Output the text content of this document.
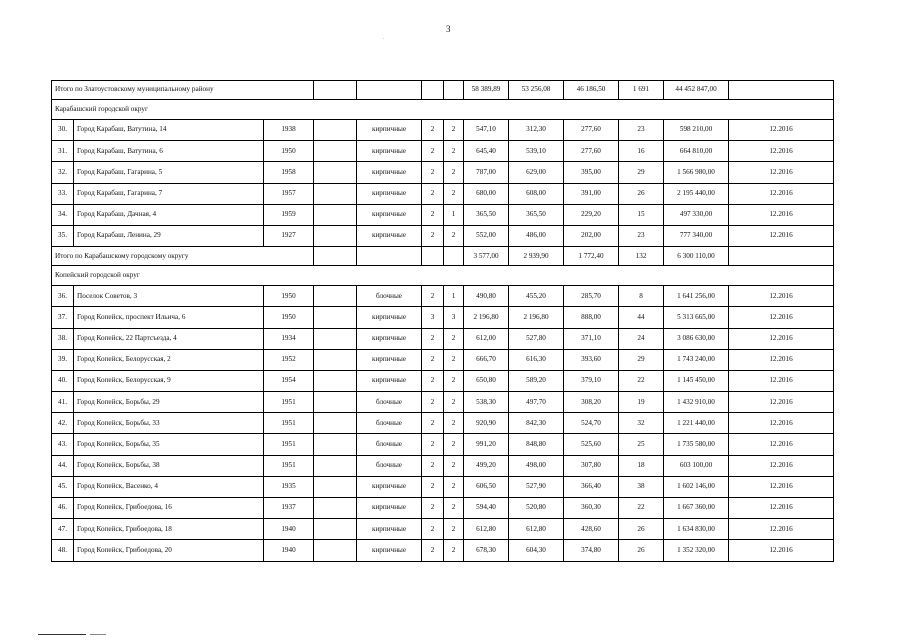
3
.
Итого по Златоустовскому муниципальному району							58 389,89	53 256,08	46 186,50	1 691	44 452 847,00	
Карабашский городской округ												
30.	Город Карабаш, Ватутина, 14	1938		кирпичные	2	2	547,10	312,30	277,60	23	598 210,00	12.2016
31.	Город Карабаш, Ватутина, 6	1950		кирпичные	2	2	645,40	539,10	277,60	16	664 810,00	12.2016
32.	Город Карабаш, Гагарина, 5	1958		кирпичные	2	2	787,00	629,00	395,00	29	1 566 980,00	12.2016
33.	Город Карабаш, Гагарина, 7	1957		кирпичные	2	2	680,00	608,00	391,00	26	2 195 440,00	12.2016
34.	Город Карабаш, Дачная, 4	1959		кирпичные	2	1	365,50	365,50	229,20	15	497 330,00	12.2016
35.	Город Карабаш, Ленина, 29	1927		кирпичные	2	2	552,00	486,00	202,00	23	777 340,00	12.2016
Итого по Карабашскому городскому округу							3 577,00	2 939,90	1 772,40	132	6 300 110,00	
Копейский городской округ												
36.	Поселок Советов, 3	1950		блочные	2	1	490,80	455,20	285,70	8	1 641 256,00	12.2016
37.	Город Копейск, проспект Ильича, 6	1950		кирпичные	3	3	2 196,80	2 196,80	888,00	44	5 313 665,00	12.2016
38.	Город Копейск, 22 Партсъезда, 4	1934		кирпичные	2	2	612,00	527,80	371,10	24	3 086 630,00	12.2016
39.	Город Копейск, Белорусская, 2	1952		кирпичные	2	2	666,70	616,30	393,60	29	1 743 240,00	12.2016
40.	Город Копейск, Белорусская, 9	1954		кирпичные	2	2	650,80	589,20	379,10	22	1 145 450,00	12.2016
41.	Город Копейск, Борьбы, 29	1951		блочные	2	2	538,30	497,70	308,20	19	1 432 910,00	12.2016
42.	Город Копейск, Борьбы, 33	1951		блочные	2	2	920,90	842,30	524,70	32	1 221 440,00	12.2016
43.	Город Копейск, Борьбы, 35	1951		блочные	2	2	991,20	848,80	525,60	25	1 735 580,00	12.2016
44.	Город Копейск, Борьбы, 38	1951		блочные	2	2	499,20	498,00	307,80	18	603 100,00	12.2016
45.	Город Копейск, Васенко, 4	1935		кирпичные	2	2	606,50	527,90	366,40	38	1 602 146,00	12.2016
46.	Город Копейск, Грибоедова, 16	1937		кирпичные	2	2	594,40	520,80	360,30	22	1 667 360,00	12.2016
47.	Город Копейск, Грибоедова, 18	1940		кирпичные	2	2	612,80	612,80	428,60	26	1 634 830,00	12.2016
48.	Город Копейск, Грибоедова, 20	1940		кирпичные	2	2	678,30	604,30	374,80	26	1 352 320,00	12.2016
